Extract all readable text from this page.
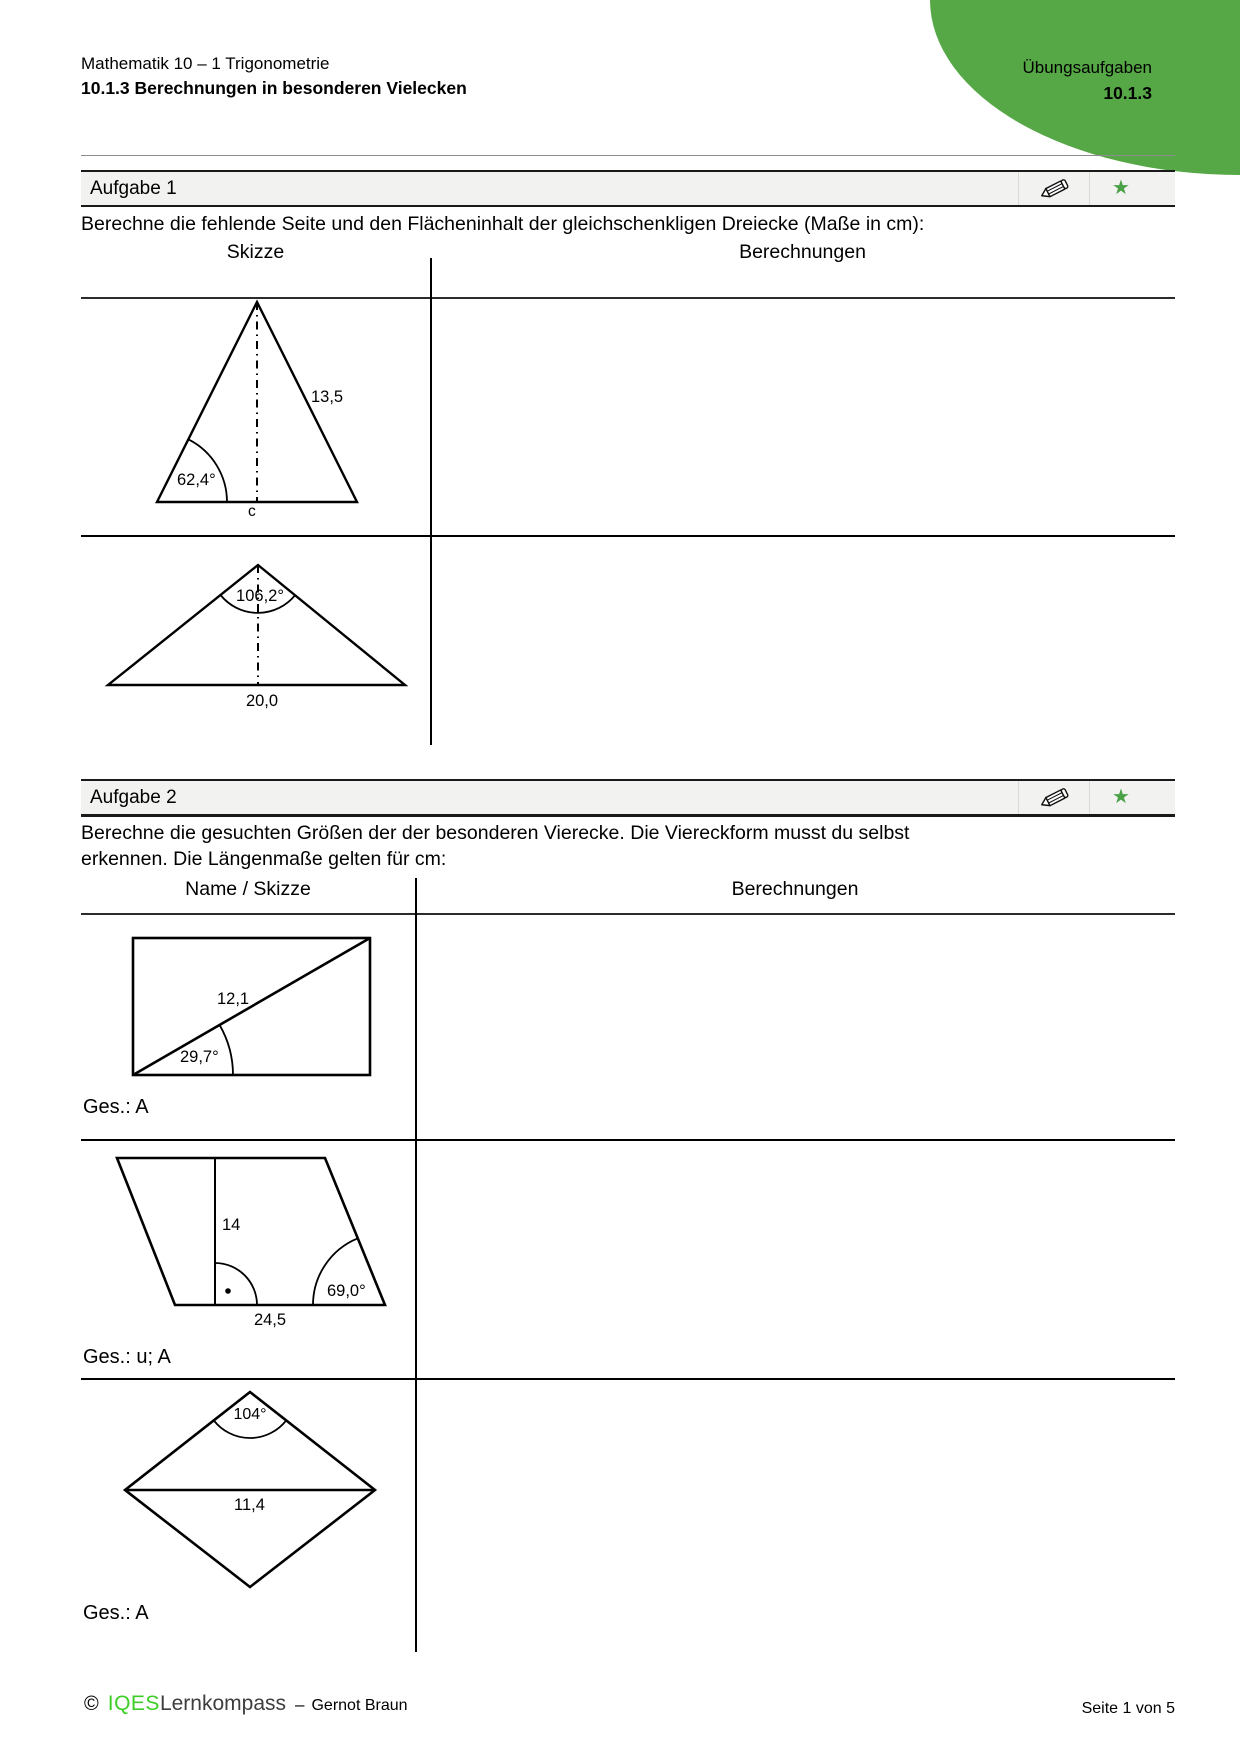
Mathematik 10 – 1 Trigonometrie
10.1.3 Berechnungen in besonderen Vielecken
Übungsaufgaben
10.1.3
Aufgabe 1	★
Berechne die fehlende Seite und den Flächeninhalt der gleichschenkligen Dreiecke (Maße in cm):
Skizze	Berechnungen
13,5
62,4°
c
106,2°
20,0
Aufgabe 2	★
Berechne die gesuchten Größen der der besonderen Vierecke. Die Viereckform musst du selbst
erkennen. Die Längenmaße gelten für cm:
Name / Skizze	Berechnungen
12,1
29,7°
Ges.: A
14
69,0°
24,5
Ges.: u; A
104°
11,4
Ges.: A
© IQES Lernkompass – Gernot Braun	Seite 1 von 5
